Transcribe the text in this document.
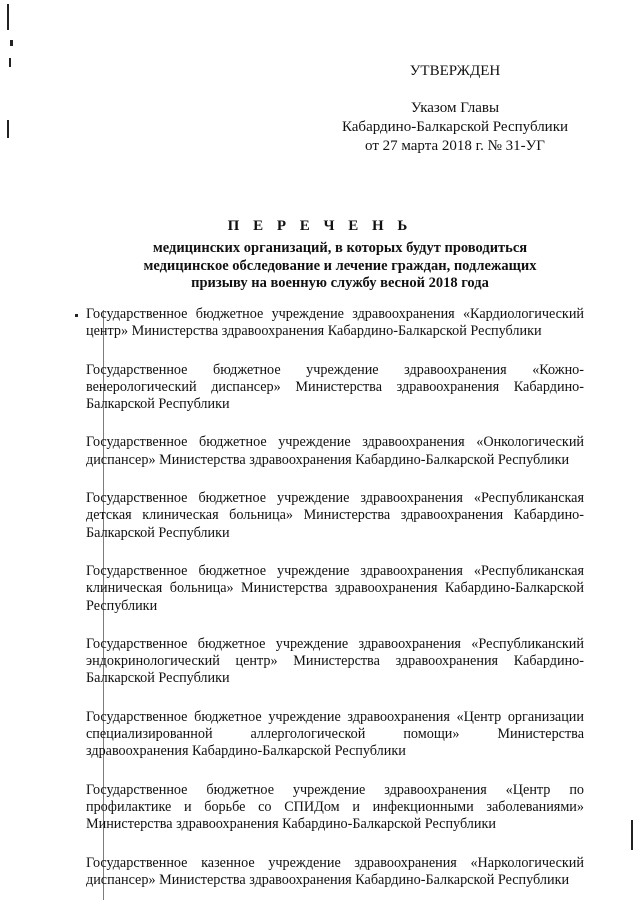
УТВЕРЖДЕН
Указом Главы
Кабардино-Балкарской Республики
от 27 марта 2018 г. № 31-УГ
П Е Р Е Ч Е Н Ь
медицинских организаций, в которых будут проводиться
медицинское обследование и лечение граждан, подлежащих
призыву на военную службу весной 2018 года

Государственное бюджетное учреждение здравоохранения «Кардиологический центр» Министерства здравоохранения Кабардино-Балкарской Республики

Государственное бюджетное учреждение здравоохранения «Кожно-венерологический диспансер» Министерства здравоохранения Кабардино-Балкарской Республики

Государственное бюджетное учреждение здравоохранения «Онкологический диспансер» Министерства здравоохранения Кабардино-Балкарской Республики

Государственное бюджетное учреждение здравоохранения «Республиканская детская клиническая больница» Министерства здравоохранения Кабардино-Балкарской Республики

Государственное бюджетное учреждение здравоохранения «Республиканская клиническая больница» Министерства здравоохранения Кабардино-Балкарской Республики

Государственное бюджетное учреждение здравоохранения «Республиканский эндокринологический центр» Министерства здравоохранения Кабардино-Балкарской Республики

Государственное бюджетное учреждение здравоохранения «Центр организации специализированной аллергологической помощи» Министерства здравоохранения Кабардино-Балкарской Республики

Государственное бюджетное учреждение здравоохранения «Центр по профилактике и борьбе со СПИДом и инфекционными заболеваниями» Министерства здравоохранения Кабардино-Балкарской Республики

Государственное казенное учреждение здравоохранения «Наркологический диспансер» Министерства здравоохранения Кабардино-Балкарской Республики
